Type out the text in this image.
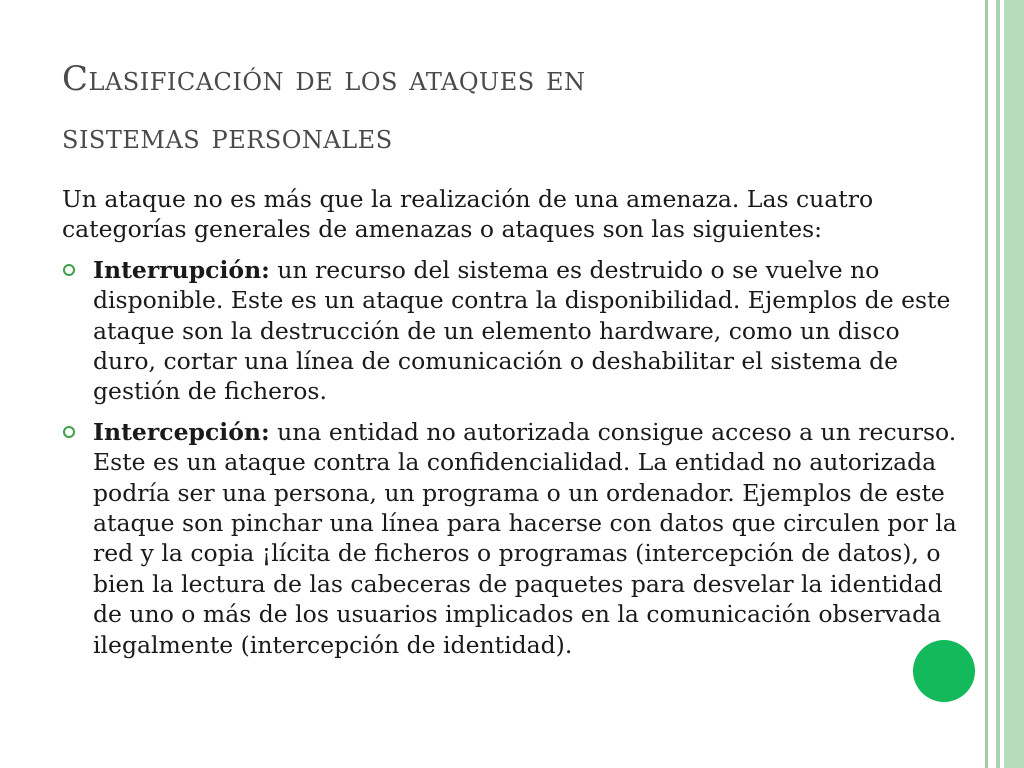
Clasificación de los ataques en
sistemas personales

Un ataque no es más que la realización de una amenaza. Las cuatro categorías generales de amenazas o ataques son las siguientes:

Interrupción: un recurso del sistema es destruido o se vuelve no disponible. Este es un ataque contra la disponibilidad. Ejemplos de este ataque son la destrucción de un elemento hardware, como un disco duro, cortar una línea de comunicación o deshabilitar el sistema de gestión de ficheros.
Intercepción: una entidad no autorizada consigue acceso a un recurso. Este es un ataque contra la confidencialidad. La entidad no autorizada podría ser una persona, un programa o un ordenador. Ejemplos de este ataque son pinchar una línea para hacerse con datos que circulen por la red y la copia ¡lícita de ficheros o programas (intercepción de datos), o bien la lectura de las cabeceras de paquetes para desvelar la identidad de uno o más de los usuarios implicados en la comunicación observada ilegalmente (intercepción de identidad).
